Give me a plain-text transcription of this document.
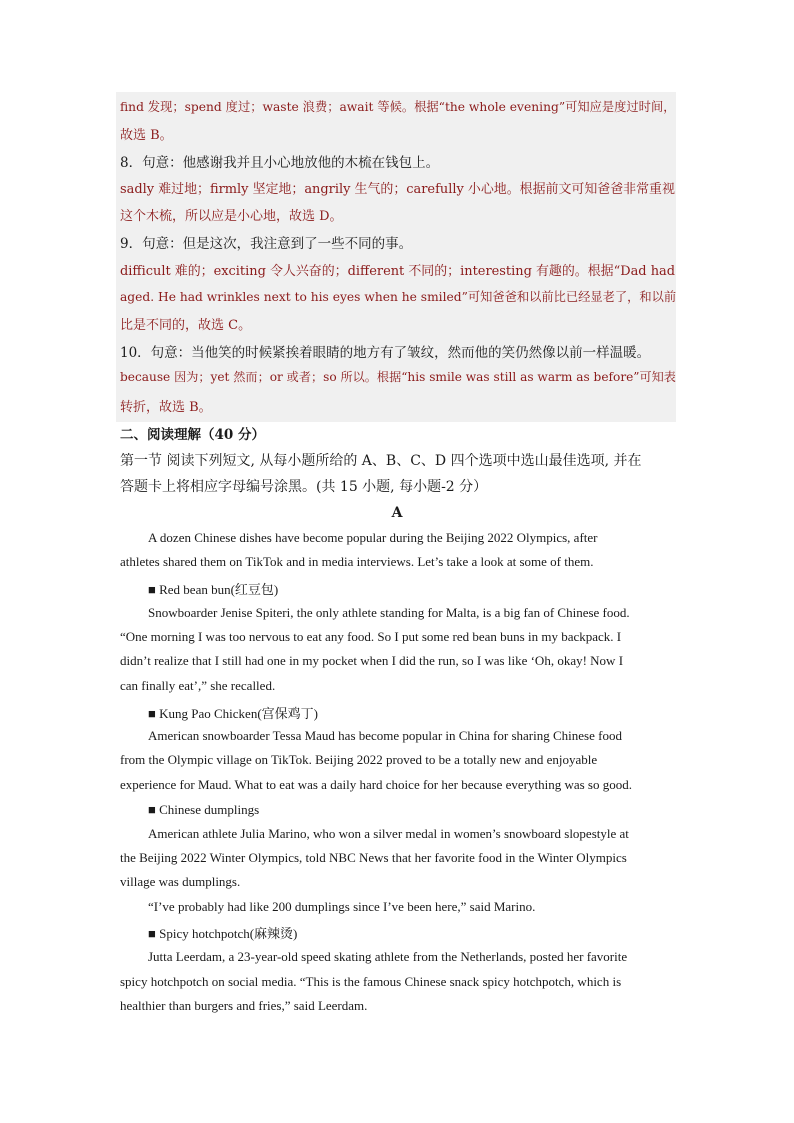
find 发现；spend 度过；waste 浪费；await 等候。根据“the whole evening”可知应是度过时间，
故选 B。
8．句意：他感谢我并且小心地放他的木梳在钱包上。
sadly 难过地；firmly 坚定地；angrily 生气的；carefully 小心地。根据前文可知爸爸非常重视
这个木梳，所以应是小心地，故选 D。
9．句意：但是这次，我注意到了一些不同的事。
difficult 难的；exciting 令人兴奋的；different 不同的；interesting 有趣的。根据“Dad had
aged. He had wrinkles next to his eyes when he smiled”可知爸爸和以前比已经显老了，和以前
比是不同的，故选 C。
10．句意：当他笑的时候紧挨着眼睛的地方有了皱纹，然而他的笑仍然像以前一样温暖。
because 因为；yet 然而；or 或者；so 所以。根据“his smile was still as warm as before”可知表
转折，故选 B。
二、阅读理解（40 分）
第一节 阅读下列短文, 从每小题所给的 A、B、C、D 四个选项中选山最佳选项, 并在
答题卡上将相应字母编号涂黑。(共 15 小题, 每小题-2 分）
A
A dozen Chinese dishes have become popular during the Beijing 2022 Olympics, after
athletes shared them on TikTok and in media interviews. Let’s take a look at some of them.
■ Red bean bun(红豆包)
Snowboarder Jenise Spiteri, the only athlete standing for Malta, is a big fan of Chinese food.
“One morning I was too nervous to eat any food. So I put some red bean buns in my backpack. I
didn’t realize that I still had one in my pocket when I did the run, so I was like ‘Oh, okay! Now I
can finally eat’,” she recalled.
■ Kung Pao Chicken(宫保鸡丁)
American snowboarder Tessa Maud has become popular in China for sharing Chinese food
from the Olympic village on TikTok. Beijing 2022 proved to be a totally new and enjoyable
experience for Maud. What to eat was a daily hard choice for her because everything was so good.
■ Chinese dumplings
American athlete Julia Marino, who won a silver medal in women’s snowboard slopestyle at
the Beijing 2022 Winter Olympics, told NBC News that her favorite food in the Winter Olympics
village was dumplings.
“I’ve probably had like 200 dumplings since I’ve been here,” said Marino.
■ Spicy hotchpotch(麻辣烫)
Jutta Leerdam, a 23-year-old speed skating athlete from the Netherlands, posted her favorite
spicy hotchpotch on social media. “This is the famous Chinese snack spicy hotchpotch, which is
healthier than burgers and fries,” said Leerdam.
